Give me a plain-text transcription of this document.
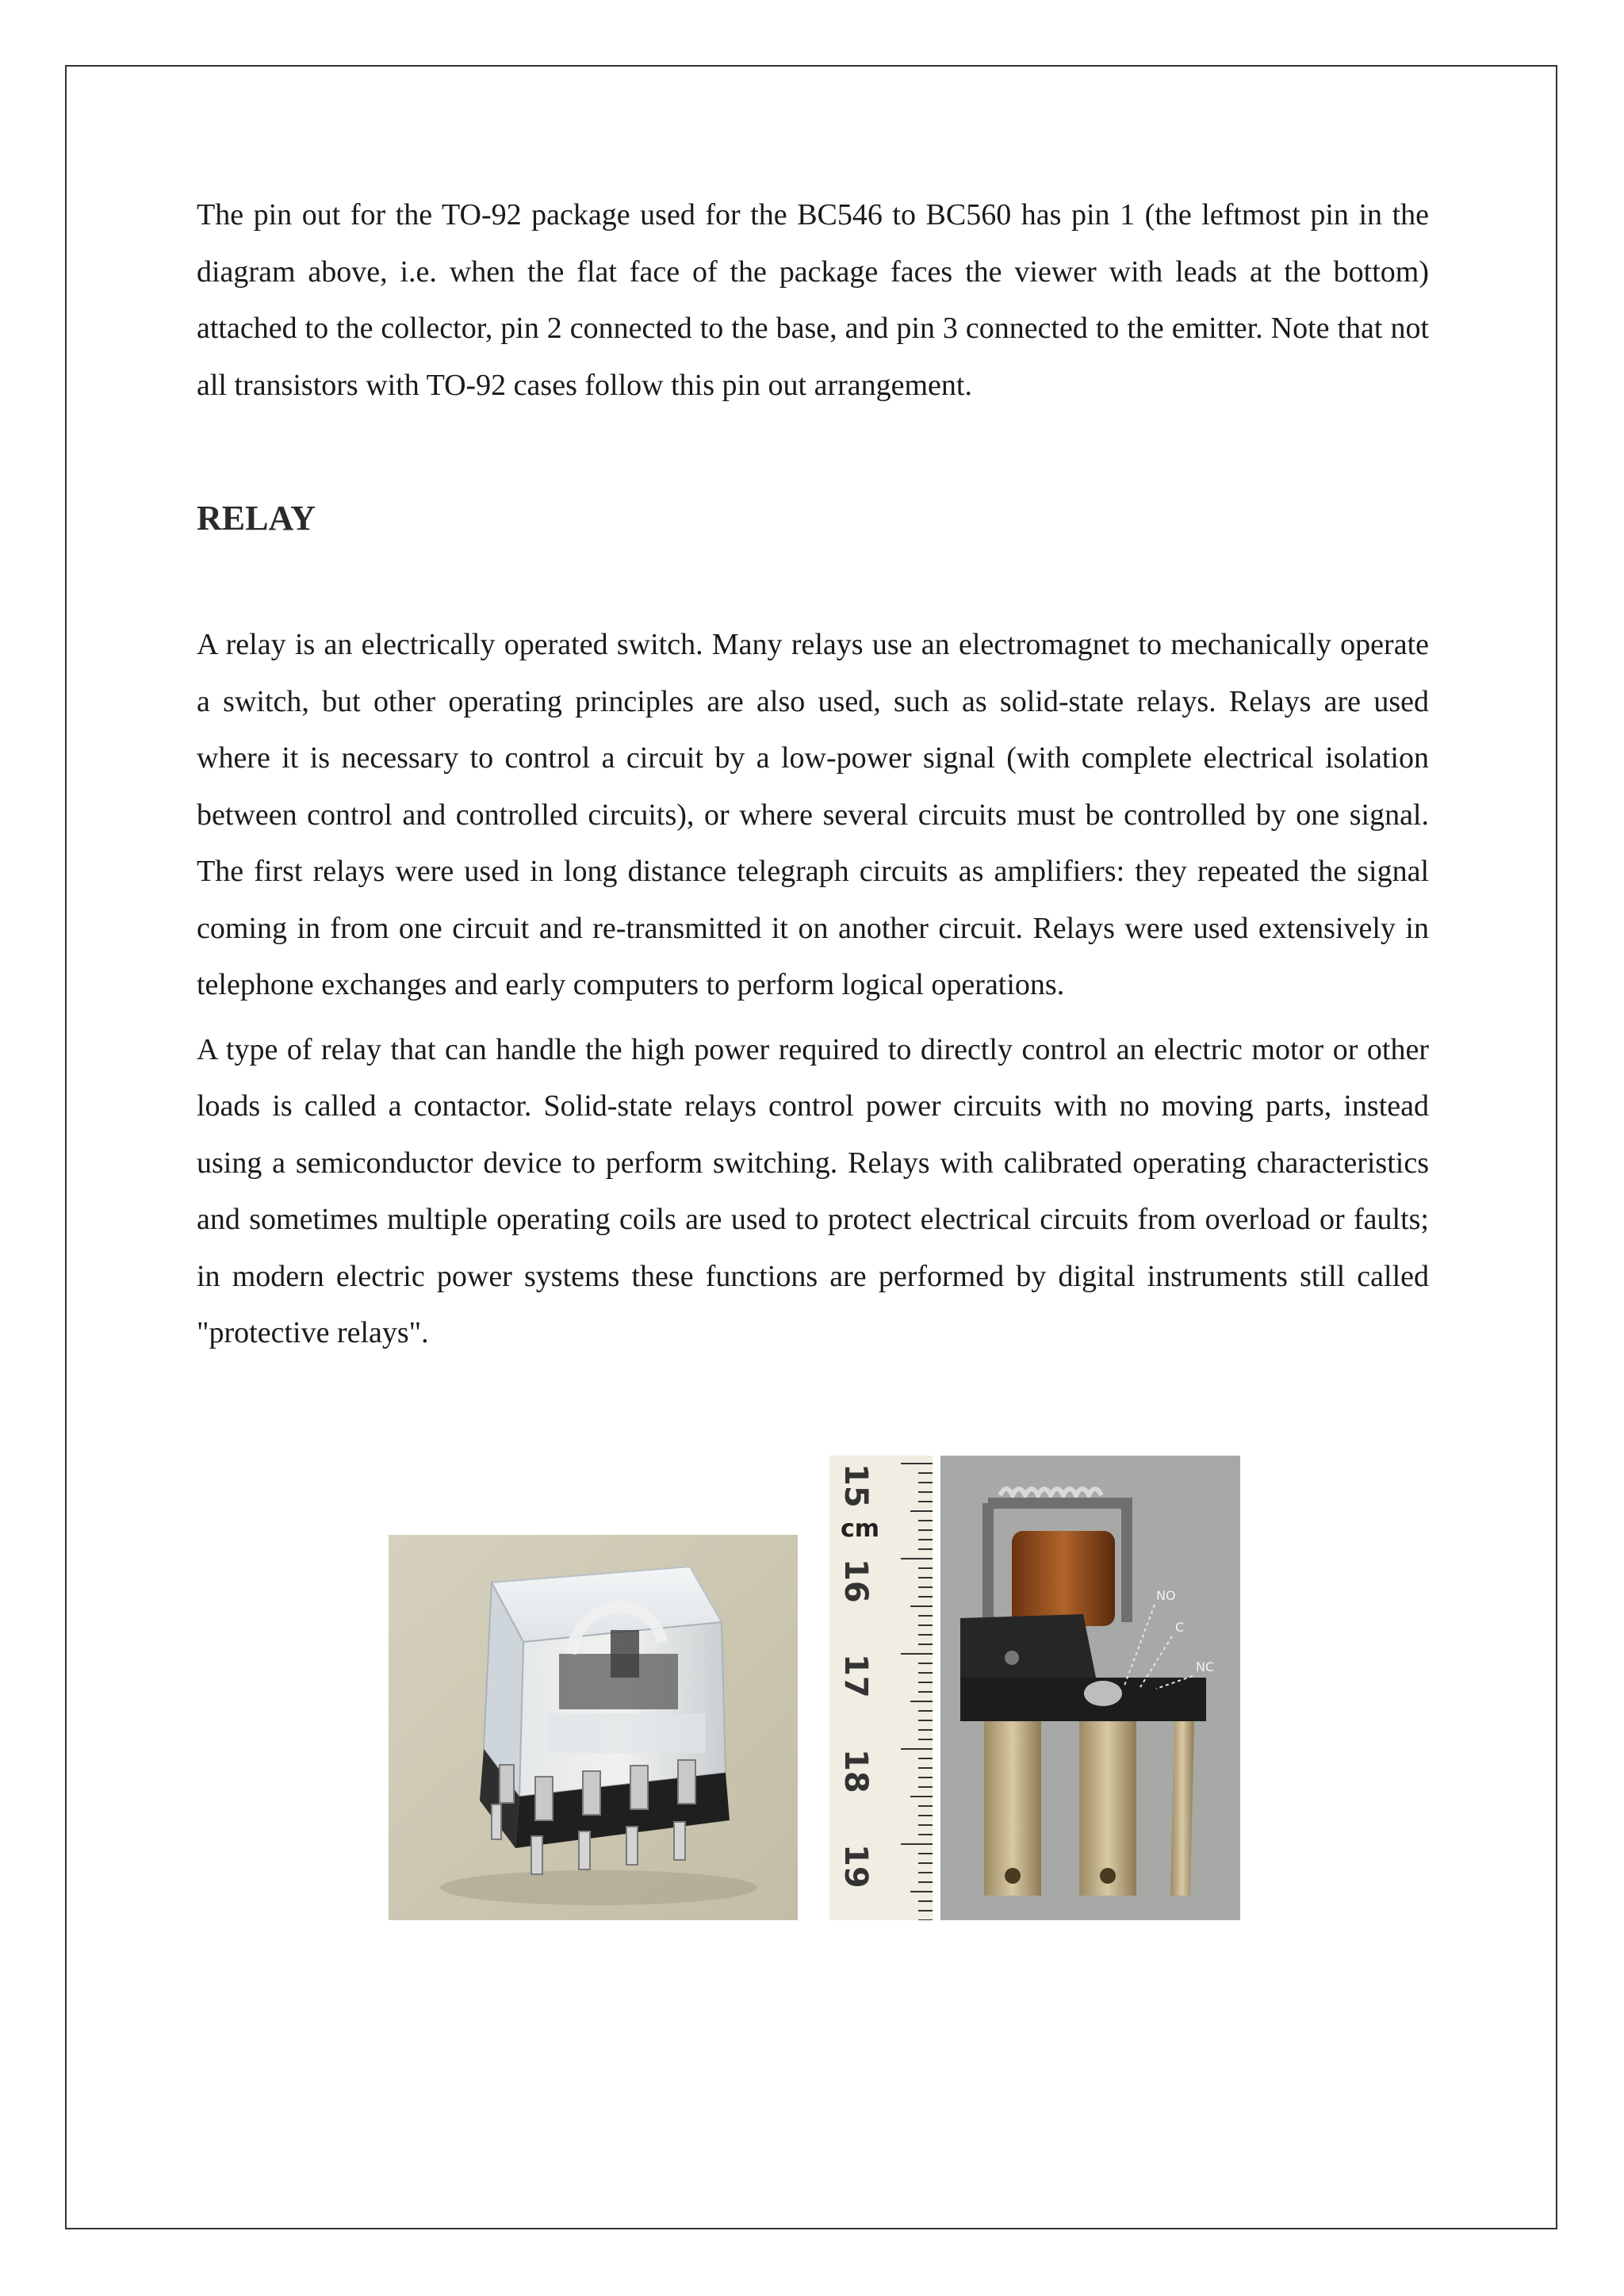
The pin out for the TO-92 package used for the BC546 to BC560 has pin 1 (the leftmost pin in the diagram above, i.e. when the flat face of the package faces the viewer with leads at the bottom) attached to the collector, pin 2 connected to the base, and pin 3 connected to the emitter. Note that not all transistors with TO-92 cases follow this pin out arrangement.

RELAY

A relay is an electrically operated switch. Many relays use an electromagnet to mechanically operate a switch, but other operating principles are also used, such as solid-state relays. Relays are used where it is necessary to control a circuit by a low-power signal (with complete electrical isolation between control and controlled circuits), or where several circuits must be controlled by one signal. The first relays were used in long distance telegraph circuits as amplifiers: they repeated the signal coming in from one circuit and re-transmitted it on another circuit. Relays were used extensively in telephone exchanges and early computers to perform logical operations.

A type of relay that can handle the high power required to directly control an electric motor or other loads is called a contactor. Solid-state relays control power circuits with no moving parts, instead using a semiconductor device to perform switching. Relays with calibrated operating characteristics and sometimes multiple operating coils are used to protect electrical circuits from overload or faults; in modern electric power systems these functions are performed by digital instruments still called "protective relays".

cm
15
16
17
18
19
NO
C
NC
